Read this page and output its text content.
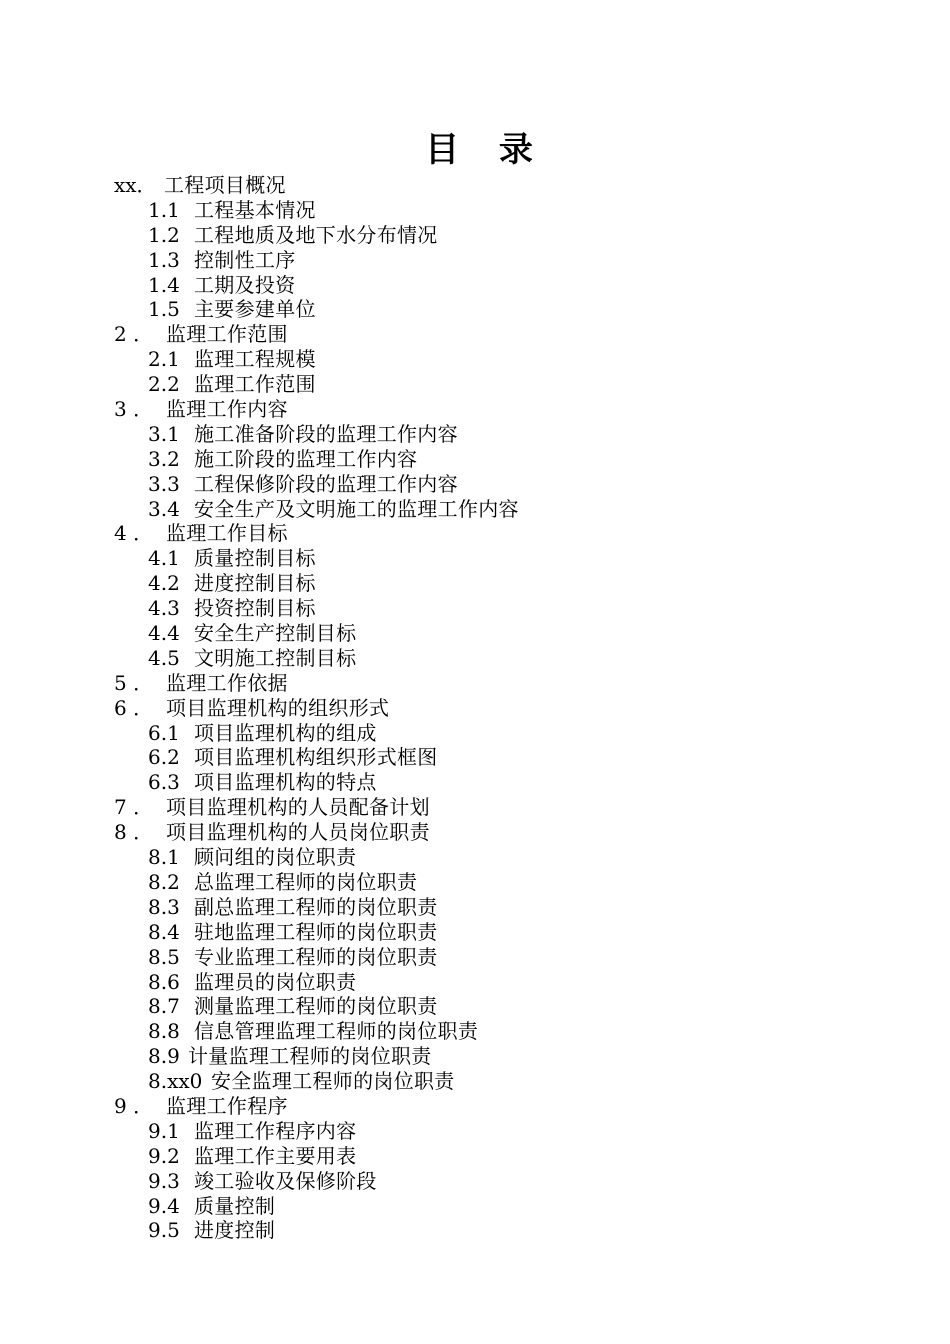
目 录
xx． 工程项目概况
1.1 工程基本情况
1.2 工程地质及地下水分布情况
1.3 控制性工序
1.4 工期及投资
1.5 主要参建单位
2 ． 监理工作范围
2.1 监理工程规模
2.2 监理工作范围
3 ． 监理工作内容
3.1 施工准备阶段的监理工作内容
3.2 施工阶段的监理工作内容
3.3 工程保修阶段的监理工作内容
3.4 安全生产及文明施工的监理工作内容
4 ． 监理工作目标
4.1 质量控制目标
4.2 进度控制目标
4.3 投资控制目标
4.4 安全生产控制目标
4.5 文明施工控制目标
5 ． 监理工作依据
6 ． 项目监理机构的组织形式
6.1 项目监理机构的组成
6.2 项目监理机构组织形式框图
6.3 项目监理机构的特点
7 ． 项目监理机构的人员配备计划
8 ． 项目监理机构的人员岗位职责
8.1 顾问组的岗位职责
8.2 总监理工程师的岗位职责
8.3 副总监理工程师的岗位职责
8.4 驻地监理工程师的岗位职责
8.5 专业监理工程师的岗位职责
8.6 监理员的岗位职责
8.7 测量监理工程师的岗位职责
8.8 信息管理监理工程师的岗位职责
8.9 计量监理工程师的岗位职责
8.xx0 安全监理工程师的岗位职责
9 ． 监理工作程序
9.1 监理工作程序内容
9.2 监理工作主要用表
9.3 竣工验收及保修阶段
9.4 质量控制
9.5 进度控制
